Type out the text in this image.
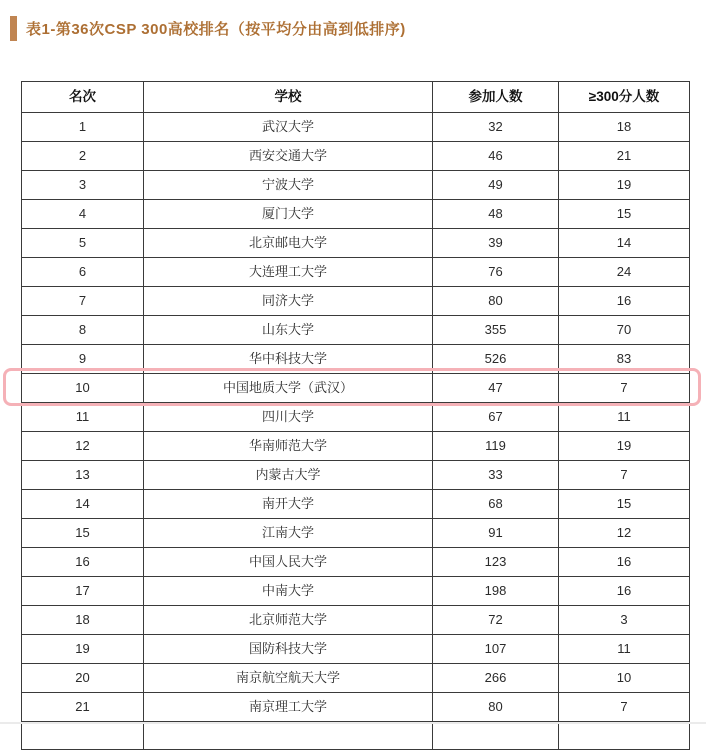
表1-第36次CSP 300高校排名（按平均分由高到低排序)
名次	学校	参加人数	≥300分人数
1	武汉大学	32	18
2	西安交通大学	46	21
3	宁波大学	49	19
4	厦门大学	48	15
5	北京邮电大学	39	14
6	大连理工大学	76	24
7	同济大学	80	16
8	山东大学	355	70
9	华中科技大学	526	83
10	中国地质大学（武汉）	47	7
11	四川大学	67	11
12	华南师范大学	119	19
13	内蒙古大学	33	7
14	南开大学	68	15
15	江南大学	91	12
16	中国人民大学	123	16
17	中南大学	198	16
18	北京师范大学	72	3
19	国防科技大学	107	11
20	南京航空航天大学	266	10
21	南京理工大学	80	7
